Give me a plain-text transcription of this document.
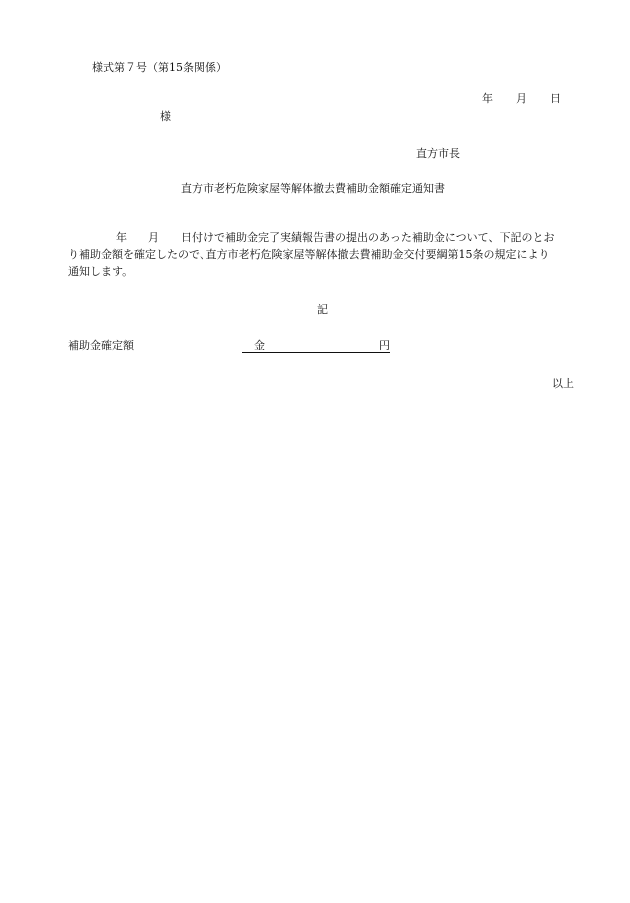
様式第７号（第15条関係）
年 月 日
様
直方市長
直方市老朽危険家屋等解体撤去費補助金額確定通知書
年 月 日付けで補助金完了実績報告書の提出のあった補助金について、下記のとお
り補助金額を確定したので､直方市老朽危険家屋等解体撤去費補助金交付要綱第15条の規定により
通知します。
記
補助金確定額	金	円
以上
